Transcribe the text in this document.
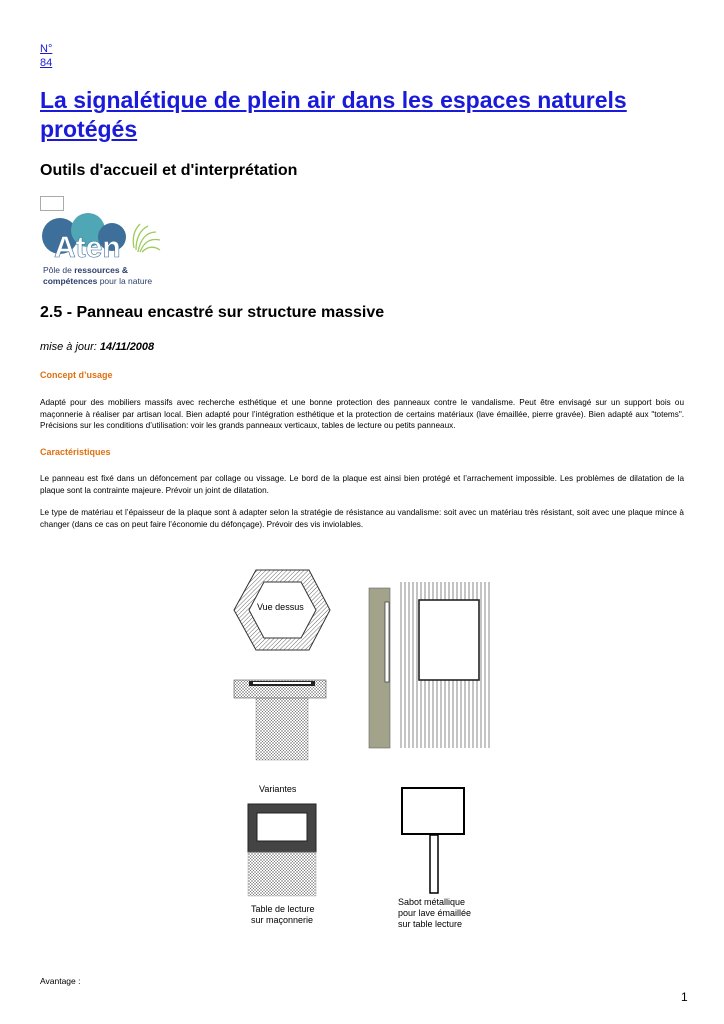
N°
84
La signalétique de plein air dans les espaces naturels protégés
Outils d'accueil et d'interprétation
Aten
Pôle de ressources &
compétences pour la nature
2.5 - Panneau encastré sur structure massive
mise à jour: 14/11/2008
Concept d’usage

Adapté pour des mobiliers massifs avec recherche esthétique et une bonne protection des panneaux contre le vandalisme. Peut être envisagé sur un support bois ou maçonnerie à réaliser par artisan local. Bien adapté pour l’intégration esthétique et la protection de certains matériaux (lave émaillée, pierre gravée). Bien adapté aux "totems". Précisions sur les conditions d’utilisation: voir les grands panneaux verticaux, tables de lecture ou petits panneaux.

Caractéristiques

Le panneau est fixé dans un défoncement par collage ou vissage. Le bord de la plaque est ainsi bien protégé et l’arrachement impossible. Les problèmes de dilatation de la plaque sont la contrainte majeure. Prévoir un joint de dilatation.

Le type de matériau et l’épaisseur de la plaque sont à adapter selon la stratégie de résistance au vandalisme: soit avec un matériau très résistant, soit avec une plaque mince à changer (dans ce cas on peut faire l’économie du défonçage). Prévoir des vis inviolables.

Vue dessus
Variantes
Table de lecture
sur maçonnerie
Sabot métallique
pour lave émaillée
sur table lecture
Avantage :
1
